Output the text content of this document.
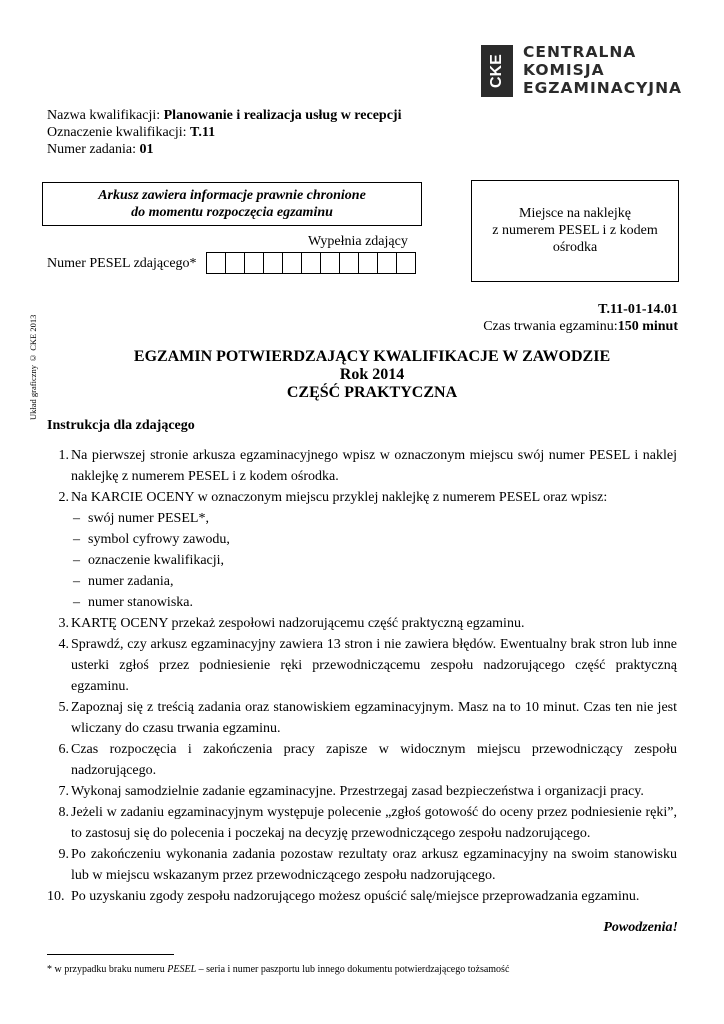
CKE
CENTRALNA
KOMISJA
EGZAMINACYJNA
Nazwa kwalifikacji: Planowanie i realizacja usług w recepcji
Oznaczenie kwalifikacji: T.11
Numer zadania: 01
Arkusz zawiera informacje prawnie chronione
do momentu rozpoczęcia egzaminu
Wypełnia zdający
Numer PESEL zdającego*
Miejsce na naklejkę
z numerem PESEL i z kodem
ośrodka
Układ graficzny © CKE 2013
T.11-01-14.01
Czas trwania egzaminu:150 minut
EGZAMIN POTWIERDZAJĄCY KWALIFIKACJE W ZAWODZIE
Rok 2014
CZĘŚĆ PRAKTYCZNA
Instrukcja dla zdającego
1. Na pierwszej stronie arkusza egzaminacyjnego wpisz w oznaczonym miejscu swój numer PESEL i naklej naklejkę z numerem PESEL i z kodem ośrodka.
2. Na KARCIE OCENY w oznaczonym miejscu przyklej naklejkę z numerem PESEL oraz wpisz:
– swój numer PESEL*,
– symbol cyfrowy zawodu,
– oznaczenie kwalifikacji,
– numer zadania,
– numer stanowiska.
3. KARTĘ OCENY przekaż zespołowi nadzorującemu część praktyczną egzaminu.
4. Sprawdź, czy arkusz egzaminacyjny zawiera 13 stron i nie zawiera błędów. Ewentualny brak stron lub inne usterki zgłoś przez podniesienie ręki przewodniczącemu zespołu nadzorującego część praktyczną egzaminu.
5. Zapoznaj się z treścią zadania oraz stanowiskiem egzaminacyjnym. Masz na to 10 minut. Czas ten nie jest wliczany do czasu trwania egzaminu.
6. Czas rozpoczęcia i zakończenia pracy zapisze w widocznym miejscu przewodniczący zespołu nadzorującego.
7. Wykonaj samodzielnie zadanie egzaminacyjne. Przestrzegaj zasad bezpieczeństwa i organizacji pracy.
8. Jeżeli w zadaniu egzaminacyjnym występuje polecenie „zgłoś gotowość do oceny przez podniesienie ręki”, to zastosuj się do polecenia i poczekaj na decyzję przewodniczącego zespołu nadzorującego.
9. Po zakończeniu wykonania zadania pozostaw rezultaty oraz arkusz egzaminacyjny na swoim stanowisku lub w miejscu wskazanym przez przewodniczącego zespołu nadzorującego.
10. Po uzyskaniu zgody zespołu nadzorującego możesz opuścić salę/miejsce przeprowadzania egzaminu.
Powodzenia!
* w przypadku braku numeru PESEL – seria i numer paszportu lub innego dokumentu potwierdzającego tożsamość
